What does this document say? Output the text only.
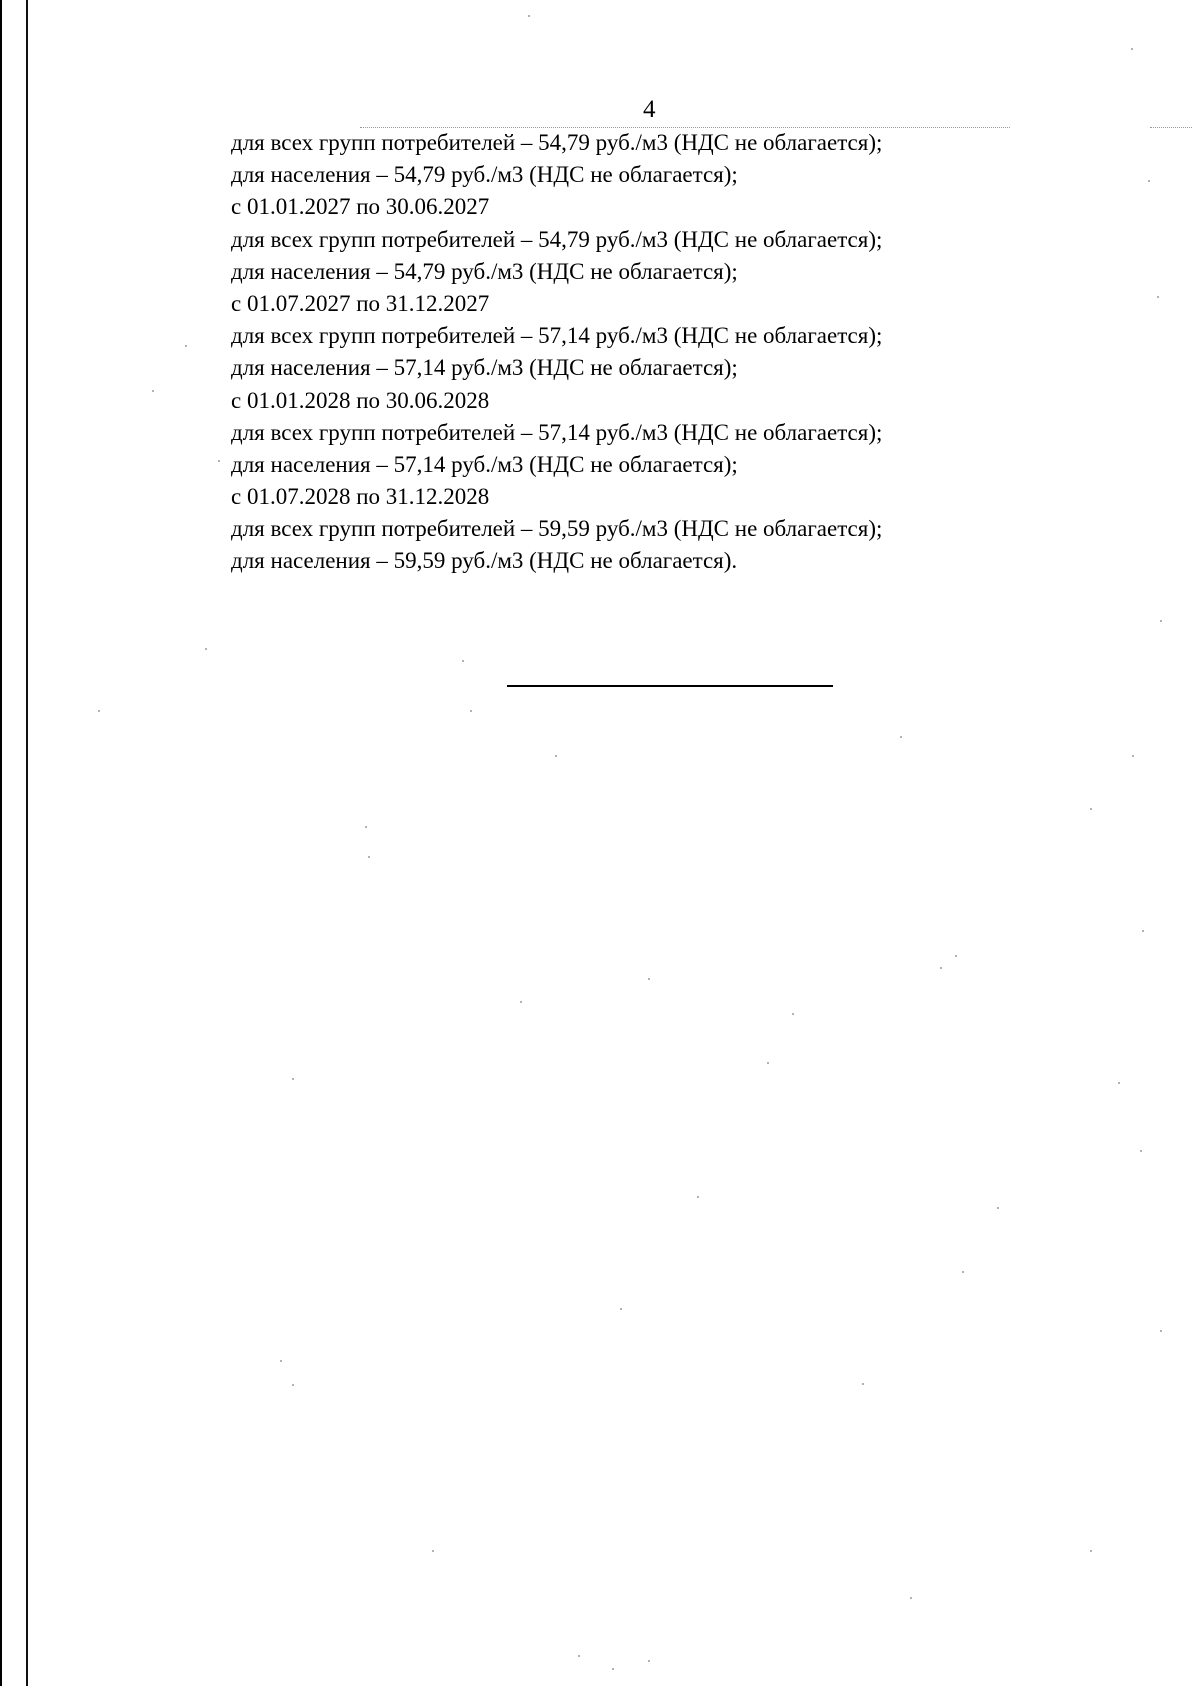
4
для всех групп потребителей – 54,79 руб./м3 (НДС не облагается);
для населения – 54,79 руб./м3 (НДС не облагается);
с 01.01.2027 по 30.06.2027
для всех групп потребителей – 54,79 руб./м3 (НДС не облагается);
для населения – 54,79 руб./м3 (НДС не облагается);
с 01.07.2027 по 31.12.2027
для всех групп потребителей – 57,14 руб./м3 (НДС не облагается);
для населения – 57,14 руб./м3 (НДС не облагается);
с 01.01.2028 по 30.06.2028
для всех групп потребителей – 57,14 руб./м3 (НДС не облагается);
для населения – 57,14 руб./м3 (НДС не облагается);
с 01.07.2028 по 31.12.2028
для всех групп потребителей – 59,59 руб./м3 (НДС не облагается);
для населения – 59,59 руб./м3 (НДС не облагается).
